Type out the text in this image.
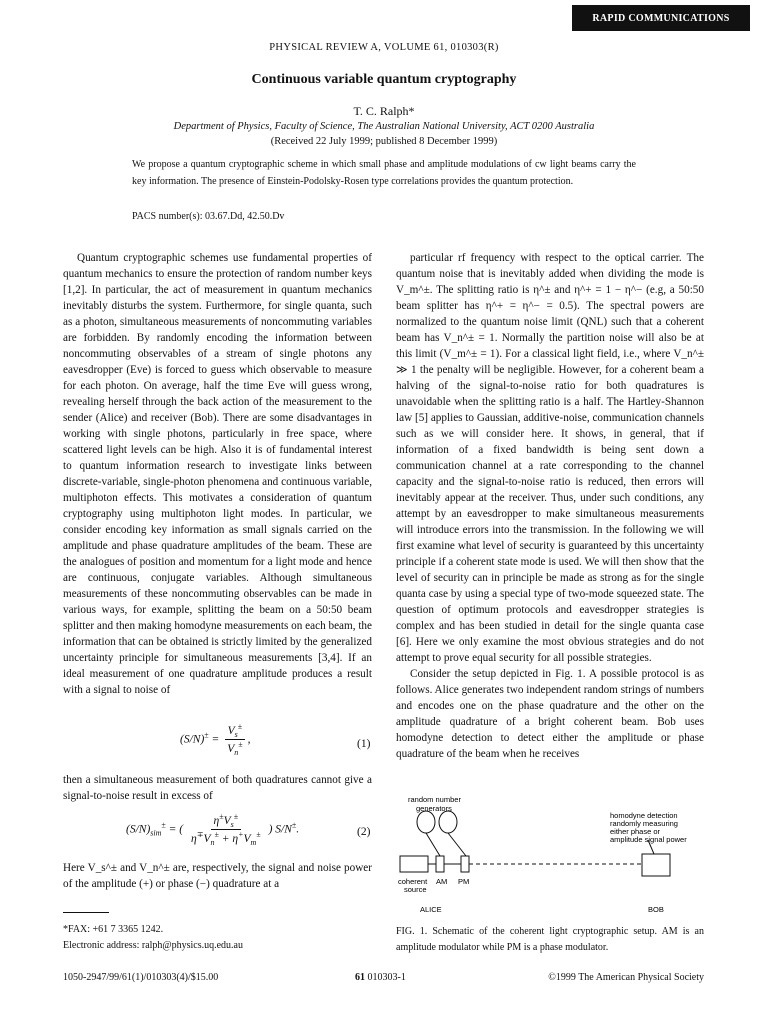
RAPID COMMUNICATIONS
PHYSICAL REVIEW A, VOLUME 61, 010303(R)
Continuous variable quantum cryptography
T. C. Ralph*
Department of Physics, Faculty of Science, The Australian National University, ACT 0200 Australia
(Received 22 July 1999; published 8 December 1999)
We propose a quantum cryptographic scheme in which small phase and amplitude modulations of cw light beams carry the key information. The presence of Einstein-Podolsky-Rosen type correlations provides the quantum protection.
PACS number(s): 03.67.Dd, 42.50.Dv

Quantum cryptographic schemes use fundamental properties of quantum mechanics to ensure the protection of random number keys [1,2]. In particular, the act of measurement in quantum mechanics inevitably disturbs the system. Furthermore, for single quanta, such as a photon, simultaneous measurements of noncommuting variables are forbidden. By randomly encoding the information between noncommuting observables of a stream of single photons any eavesdropper (Eve) is forced to guess which observable to measure for each photon. On average, half the time Eve will guess wrong, revealing herself through the back action of the measurement to the sender (Alice) and receiver (Bob). There are some disadvantages in working with single photons, particularly in free space, where scattered light levels can be high. Also it is of fundamental interest to quantum information research to investigate links between discrete-variable, single-photon phenomena and continuous variable, multiphoton effects. This motivates a consideration of quantum cryptography using multiphoton light modes. In particular, we consider encoding key information as small signals carried on the amplitude and phase quadrature amplitudes of the beam. These are the analogues of position and momentum for a light mode and hence are continuous, conjugate variables. Although simultaneous measurements of these noncommuting observables can be made in various ways, for example, splitting the beam on a 50:50 beam splitter and then making homodyne measurements on each beam, the information that can be obtained is strictly limited by the generalized uncertainty principle for simultaneous measurements [3,4]. If an ideal measurement of one quadrature amplitude produces a result with a signal to noise of

$(S/N)^\pm = \frac{V_s^\pm}{V_n^\pm}$ ,	(1)
then a simultaneous measurement of both quadratures cannot give a signal-to-noise result in excess of
$(S/N)_{sim}^\pm$ = ( $\frac{\eta^\pm V_s^\pm}{\eta^\mp V_n^\pm + \eta^+V_m^\pm}$ ) S/N±.	(2)
Here V_s^± and V_n^± are, respectively, the signal and noise power of the amplitude (+) or phase (−) quadrature at a
*FAX: +61 7 3365 1242.
Electronic address: ralph@physics.uq.edu.au

particular rf frequency with respect to the optical carrier. The quantum noise that is inevitably added when dividing the mode is V_m^±. The splitting ratio is η^± and η^+ = 1 − η^− (e.g, a 50:50 beam splitter has η^+ = η^− = 0.5). The spectral powers are normalized to the quantum noise limit (QNL) such that a coherent beam has V_n^± = 1. Normally the partition noise will also be at this limit (V_m^± = 1). For a classical light field, i.e., where V_n^± ≫ 1 the penalty will be negligible. However, for a coherent beam a halving of the signal-to-noise ratio for both quadratures is unavoidable when the splitting ratio is a half. The Hartley-Shannon law [5] applies to Gaussian, additive-noise, communication channels such as we will consider here. It shows, in general, that if information of a fixed bandwidth is being sent down a communication channel at a rate corresponding to the channel capacity and the signal-to-noise ratio is reduced, then errors will inevitably appear at the receiver. Thus, under such conditions, any attempt by an eavesdropper to make simultaneous measurements will introduce errors into the transmission. In the following we will first examine what level of security is guaranteed by this uncertainty principle if a coherent state mode is used. We will then show that the level of security can in principle be made as strong as for the single quanta case by using a special type of two-mode squeezed state. The question of optimum protocols and eavesdropper strategies is complex and has been studied in detail for the single quanta case [6]. Here we only examine the most obvious strategies and do not attempt to prove equal security for all possible strategies.

Consider the setup depicted in Fig. 1. A possible protocol is as follows. Alice generates two independent random strings of numbers and encodes one on the phase quadrature and the other on the amplitude quadrature of a bright coherent beam. Bob uses homodyne detection to detect either the amplitude or phase quadrature of the beam when he receives

random number
generators
homodyne detection
randomly measuring
either phase or
amplitude signal power
coherent
source
AM PM
ALICE	BOB
FIG. 1. Schematic of the coherent light cryptographic setup. AM is an amplitude modulator while PM is a phase modulator.
1050-2947/99/61(1)/010303(4)/$15.00	61 010303-1	©1999 The American Physical Society
